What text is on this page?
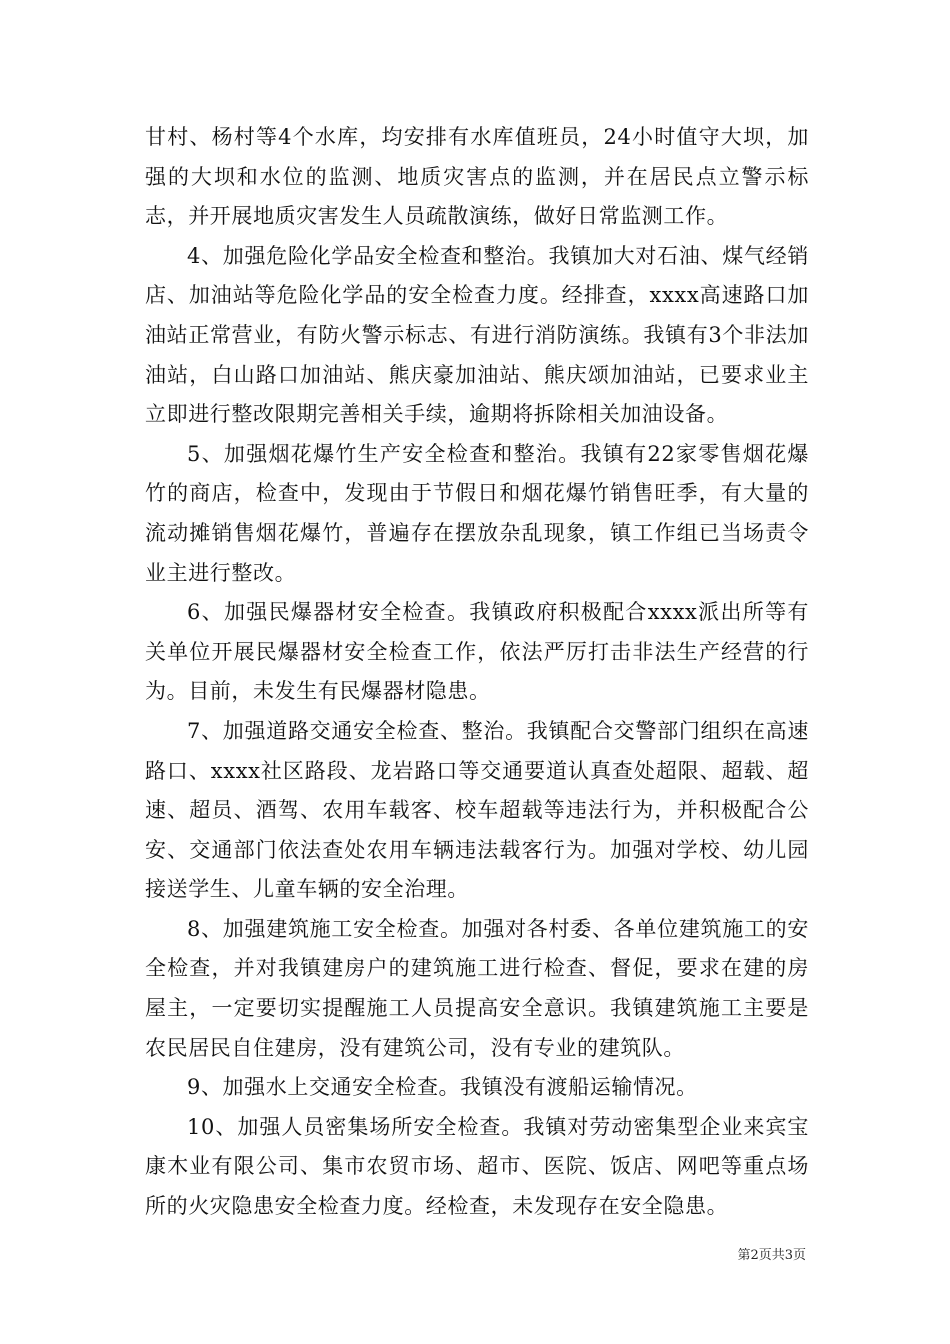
甘村、杨村等4个水库，均安排有水库值班员，24小时值守大坝，加强的大坝和水位的监测、地质灾害点的监测，并在居民点立警示标志，并开展地质灾害发生人员疏散演练，做好日常监测工作。

4、加强危险化学品安全检查和整治。我镇加大对石油、煤气经销店、加油站等危险化学品的安全检查力度。经排查，xxxx高速路口加油站正常营业，有防火警示标志、有进行消防演练。我镇有3个非法加油站，白山路口加油站、熊庆豪加油站、熊庆颂加油站，已要求业主立即进行整改限期完善相关手续，逾期将拆除相关加油设备。

5、加强烟花爆竹生产安全检查和整治。我镇有22家零售烟花爆竹的商店，检查中，发现由于节假日和烟花爆竹销售旺季，有大量的流动摊销售烟花爆竹，普遍存在摆放杂乱现象，镇工作组已当场责令业主进行整改。

6、加强民爆器材安全检查。我镇政府积极配合xxxx派出所等有关单位开展民爆器材安全检查工作，依法严厉打击非法生产经营的行为。目前，未发生有民爆器材隐患。

7、加强道路交通安全检查、整治。我镇配合交警部门组织在高速路口、xxxx社区路段、龙岩路口等交通要道认真查处超限、超载、超速、超员、酒驾、农用车载客、校车超载等违法行为，并积极配合公安、交通部门依法查处农用车辆违法载客行为。加强对学校、幼儿园接送学生、儿童车辆的安全治理。

8、加强建筑施工安全检查。加强对各村委、各单位建筑施工的安全检查，并对我镇建房户的建筑施工进行检查、督促，要求在建的房屋主，一定要切实提醒施工人员提高安全意识。我镇建筑施工主要是农民居民自住建房，没有建筑公司，没有专业的建筑队。

9、加强水上交通安全检查。我镇没有渡船运输情况。

10、加强人员密集场所安全检查。我镇对劳动密集型企业来宾宝康木业有限公司、集市农贸市场、超市、医院、饭店、网吧等重点场所的火灾隐患安全检查力度。经检查，未发现存在安全隐患。

第2页共3页
